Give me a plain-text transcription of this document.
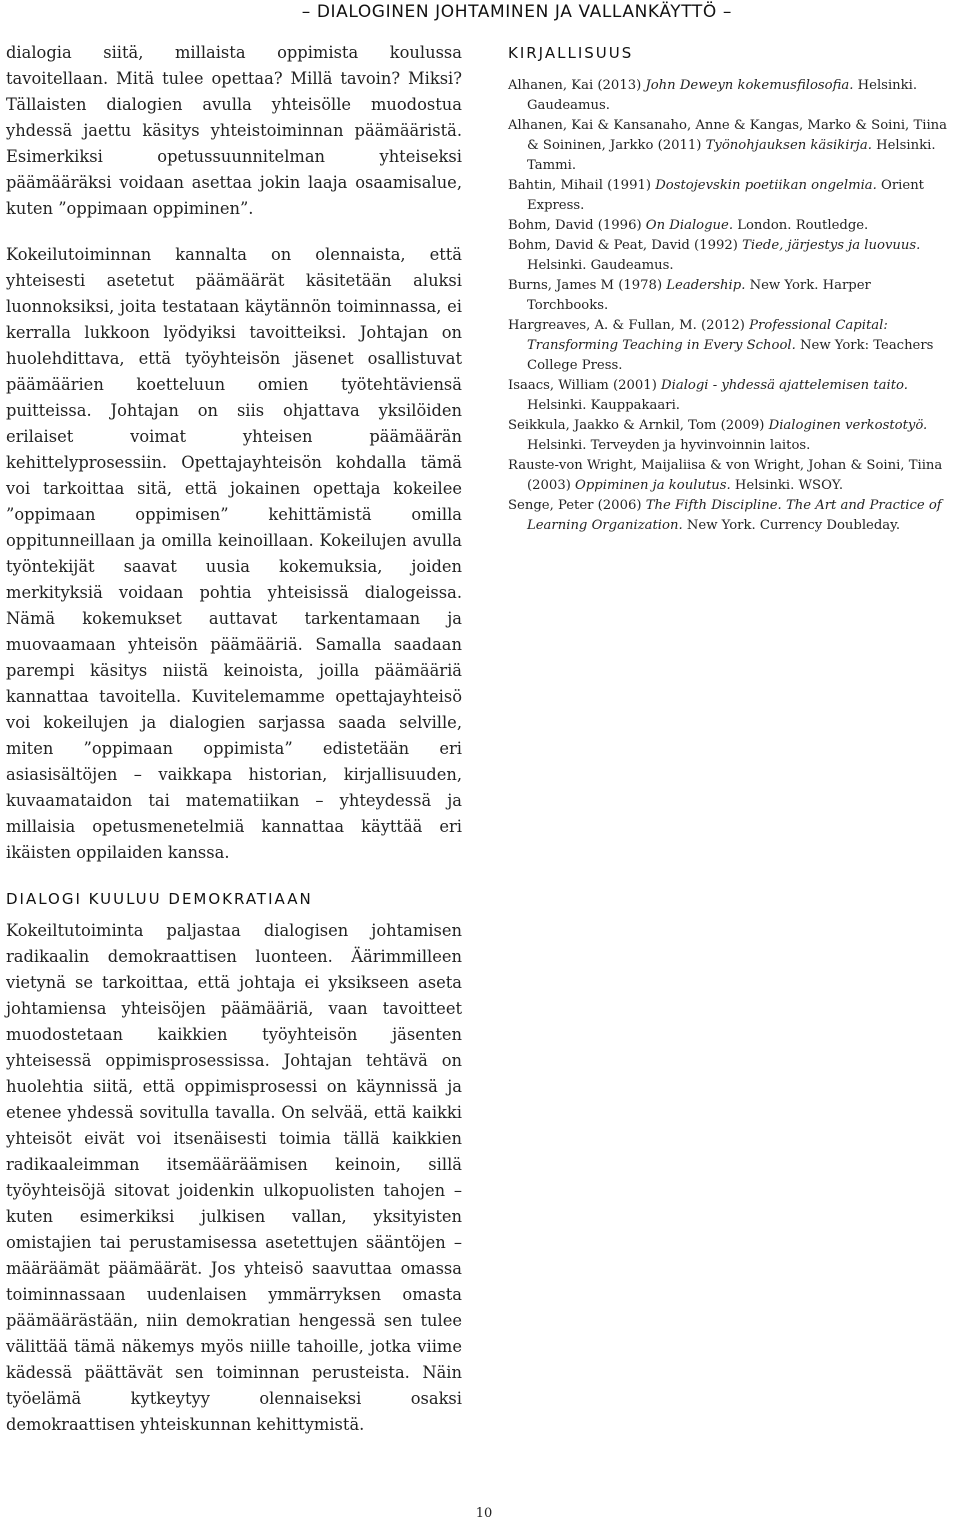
– DIALOGINEN JOHTAMINEN JA VALLANKÄYTTÖ –

dialogia siitä, millaista oppimista koulussa tavoitellaan. Mitä tulee opettaa? Millä tavoin? Miksi? Tällaisten dialogien avulla yhteisölle muodostua yhdessä jaettu käsitys yhteistoiminnan päämääristä. Esimerkiksi opetussuunnitelman yhteiseksi päämääräksi voidaan asettaa jokin laaja osaamisalue, kuten ”oppimaan oppiminen”.

Kokeilutoiminnan kannalta on olennaista, että yhteisesti asetetut päämäärät käsitetään aluksi luonnoksiksi, joita testataan käytännön toiminnassa, ei kerralla lukkoon lyödyiksi tavoitteiksi. Johtajan on huolehdittava, että työyhteisön jäsenet osallistuvat päämäärien koetteluun omien työtehtäviensä puitteissa. Johtajan on siis ohjattava yksilöiden erilaiset voimat yhteisen päämäärän kehittelyprosessiin. Opettajayhteisön kohdalla tämä voi tarkoittaa sitä, että jokainen opettaja kokeilee ”oppimaan oppimisen” kehittämistä omilla oppitunneillaan ja omilla keinoillaan. Kokeilujen avulla työntekijät saavat uusia kokemuksia, joiden merkityksiä voidaan pohtia yhteisissä dialogeissa. Nämä kokemukset auttavat tarkentamaan ja muovaamaan yhteisön päämääriä. Samalla saadaan parempi käsitys niistä keinoista, joilla päämääriä kannattaa tavoitella. Kuvitelemamme opettajayhteisö voi kokeilujen ja dialogien sarjassa saada selville, miten ”oppimaan oppimista” edistetään eri asiasisältöjen – vaikkapa historian, kirjallisuuden, kuvaamataidon tai matematiikan – yhteydessä ja millaisia opetusmenetelmiä kannattaa käyttää eri ikäisten oppilaiden kanssa.

DIALOGI KUULUU DEMOKRATIAAN

Kokeiltutoiminta paljastaa dialogisen johtamisen radikaalin demokraattisen luonteen. Äärimmilleen vietynä se tarkoittaa, että johtaja ei yksikseen aseta johtamiensa yhteisöjen päämääriä, vaan tavoitteet muodostetaan kaikkien työyhteisön jäsenten yhteisessä oppimisprosessissa. Johtajan tehtävä on huolehtia siitä, että oppimisprosessi on käynnissä ja etenee yhdessä sovitulla tavalla. On selvää, että kaikki yhteisöt eivät voi itsenäisesti toimia tällä kaikkien radikaaleimman itsemääräämisen keinoin, sillä työyhteisöjä sitovat joidenkin ulkopuolisten tahojen – kuten esimerkiksi julkisen vallan, yksityisten omistajien tai perustamisessa asetettujen sääntöjen – määräämät päämäärät. Jos yhteisö saavuttaa omassa toiminnassaan uudenlaisen ymmärryksen omasta päämäärästään, niin demokratian hengessä sen tulee välittää tämä näkemys myös niille tahoille, jotka viime kädessä päättävät sen toiminnan perusteista. Näin työelämä kytkeytyy olennaiseksi osaksi demokraattisen yhteiskunnan kehittymistä.

KIRJALLISUUS

Alhanen, Kai (2013) John Deweyn kokemusfilosofia. Helsinki. Gaudeamus.

Alhanen, Kai & Kansanaho, Anne & Kangas, Marko & Soini, Tiina & Soininen, Jarkko (2011) Työnohjauksen käsikirja. Helsinki. Tammi.

Bahtin, Mihail (1991) Dostojevskin poetiikan ongelmia. Orient Express.

Bohm, David (1996) On Dialogue. London. Routledge.

Bohm, David & Peat, David (1992) Tiede, järjestys ja luovuus. Helsinki. Gaudeamus.

Burns, James M (1978) Leadership. New York. Harper Torchbooks.

Hargreaves, A. & Fullan, M. (2012) Professional Capital: Transforming Teaching in Every School. New York: Teachers College Press.

Isaacs, William (2001) Dialogi - yhdessä ajattelemisen taito. Helsinki. Kauppakaari.

Seikkula, Jaakko & Arnkil, Tom (2009) Dialoginen verkostotyö. Helsinki. Terveyden ja hyvinvoinnin laitos.

Rauste-von Wright, Maijaliisa & von Wright, Johan & Soini, Tiina (2003) Oppiminen ja koulutus. Helsinki. WSOY.

Senge, Peter (2006) The Fifth Discipline. The Art and Practice of Learning Organization. New York. Currency Doubleday.

10
